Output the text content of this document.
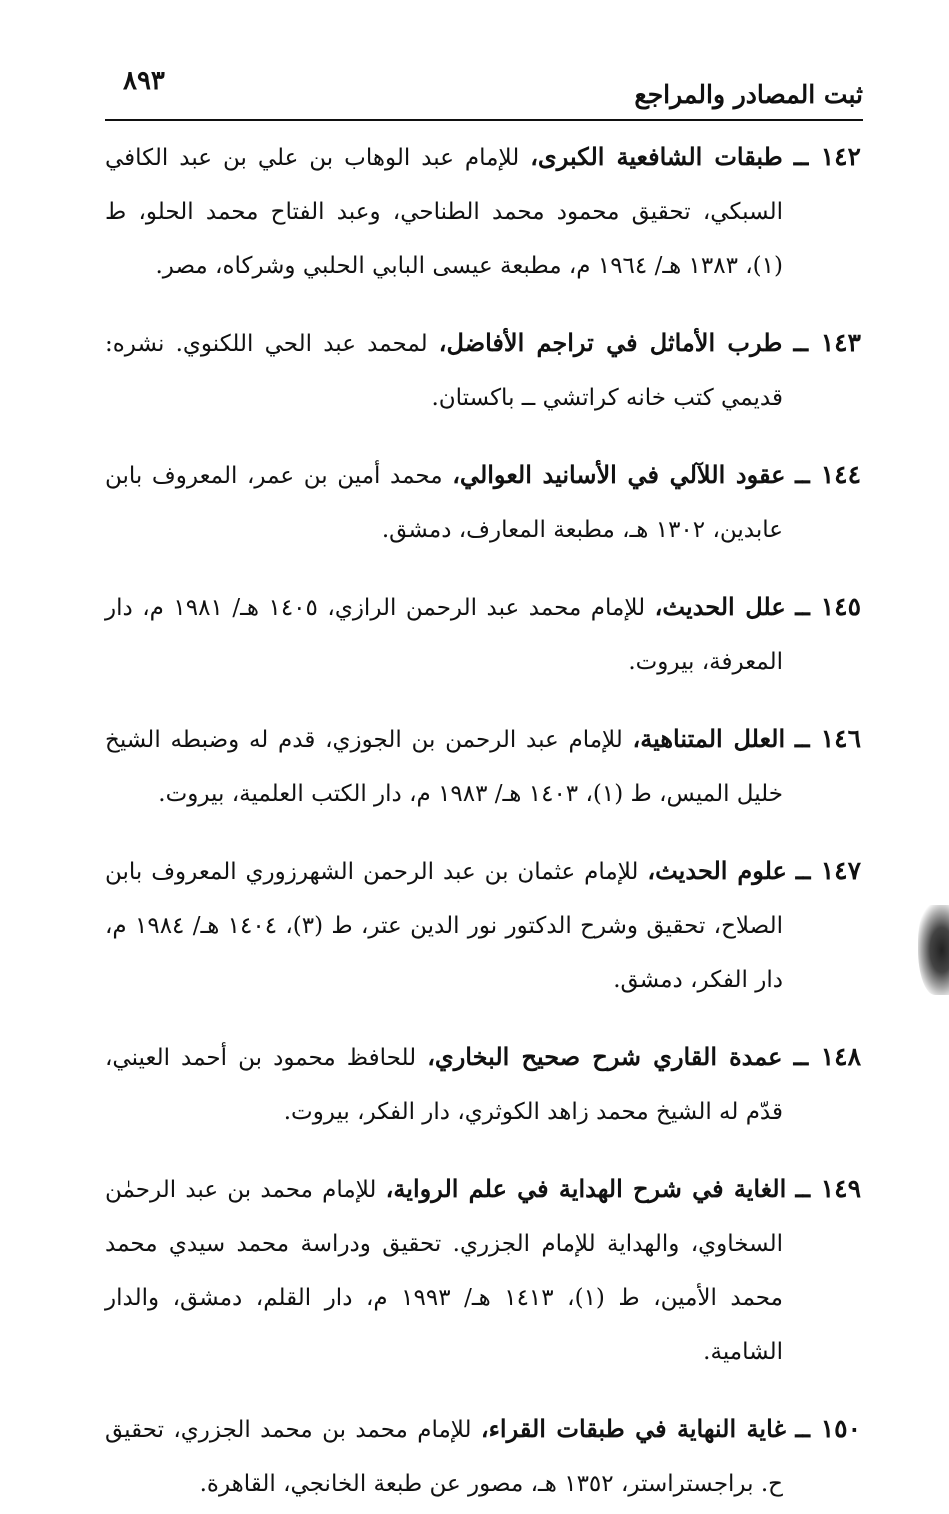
٨٩٣	ثبت المصادر والمراجع

١٤٢ ــ طبقات الشافعية الكبرى، للإمام عبد الوهاب بن علي بن عبد الكافي السبكي، تحقيق محمود محمد الطناحي، وعبد الفتاح محمد الحلو، ط (١)، ١٣٨٣ هـ/ ١٩٦٤ م، مطبعة عيسى البابي الحلبي وشركاه، مصر.

١٤٣ ــ طرب الأماثل في تراجم الأفاضل، لمحمد عبد الحي اللكنوي. نشره: قديمي كتب خانه كراتشي ــ باكستان.

١٤٤ ــ عقود اللآلي في الأسانيد العوالي، محمد أمين بن عمر، المعروف بابن عابدين، ١٣٠٢ هـ، مطبعة المعارف، دمشق.

١٤٥ ــ علل الحديث، للإمام محمد عبد الرحمن الرازي، ١٤٠٥ هـ/ ١٩٨١ م، دار المعرفة، بيروت.

١٤٦ ــ العلل المتناهية، للإمام عبد الرحمن بن الجوزي، قدم له وضبطه الشيخ خليل الميس، ط (١)، ١٤٠٣ هـ/ ١٩٨٣ م، دار الكتب العلمية، بيروت.

١٤٧ ــ علوم الحديث، للإمام عثمان بن عبد الرحمن الشهرزوري المعروف بابن الصلاح، تحقيق وشرح الدكتور نور الدين عتر، ط (٣)، ١٤٠٤ هـ/ ١٩٨٤ م، دار الفكر، دمشق.

١٤٨ ــ عمدة القاري شرح صحيح البخاري، للحافظ محمود بن أحمد العيني، قدّم له الشيخ محمد زاهد الكوثري، دار الفكر، بيروت.

١٤٩ ــ الغاية في شرح الهداية في علم الرواية، للإمام محمد بن عبد الرحمٰن السخاوي، والهداية للإمام الجزري. تحقيق ودراسة محمد سيدي محمد محمد الأمين، ط (١)، ١٤١٣ هـ/ ١٩٩٣ م، دار القلم، دمشق، والدار الشامية.

١٥٠ ــ غاية النهاية في طبقات القراء، للإمام محمد بن محمد الجزري، تحقيق ح. براجستراستر، ١٣٥٢ هـ، مصور عن طبعة الخانجي، القاهرة.
